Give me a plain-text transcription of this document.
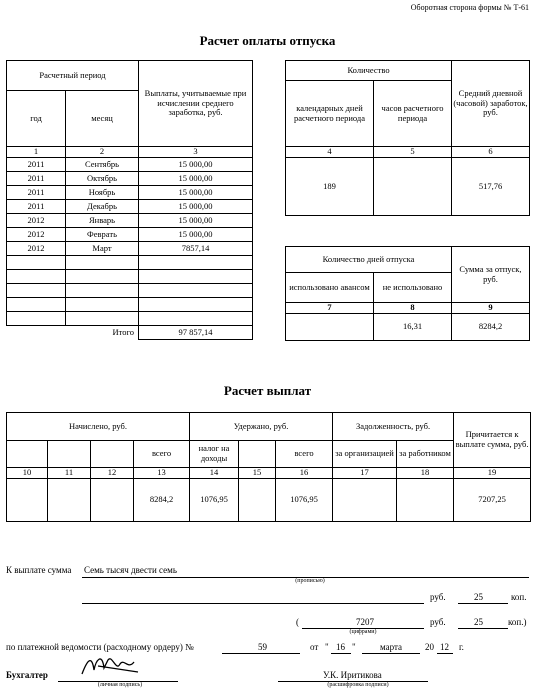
Оборотная сторона формы № Т-61
Расчет оплаты отпуска
Расчетный период		Выплаты, учитываемые при исчислении среднего заработка, руб.
год	месяц	
1	2	3
2011	Сентябрь	15 000,00
2011	Октябрь	15 000,00
2011	Ноябрь	15 000,00
2011	Декабрь	15 000,00
2012	Январь	15 000,00
2012	Феврать	15 000,00
2012	Март	7857,14

	Итого	97 857,14
Количество		Средний дневной (часовой) заработок, руб.
календарных дней расчетного периода	часов расчетного периода	
4	5	6
189		517,76
Количество дней отпуска		Сумма за отпуск, руб.
использовано авансом	не использовано	
7	8	9
	16,31	8284,2
Расчет выплат
Начислено, руб.				Удержано, руб.			Задолженность, руб.		Причитается к выплате сумма, руб.
			всего	налог на доходы		всего	за организацией	за работником	
10	11	12	13	14	15	16	17	18	19
			8284,2	1076,95		1076,95			7207,25
К выплате сумма Семь тысяч двести семь
(прописью)
руб.	25	коп.
(	7207
(цифрами)
руб.	25	коп.)
по платежной ведомости (расходному ордеру) №	59	от " 16 "	марта	20 12 г.
Бухгалтер
(личная подпись)
У.К. Иритикова
(расшифровка подписи)
